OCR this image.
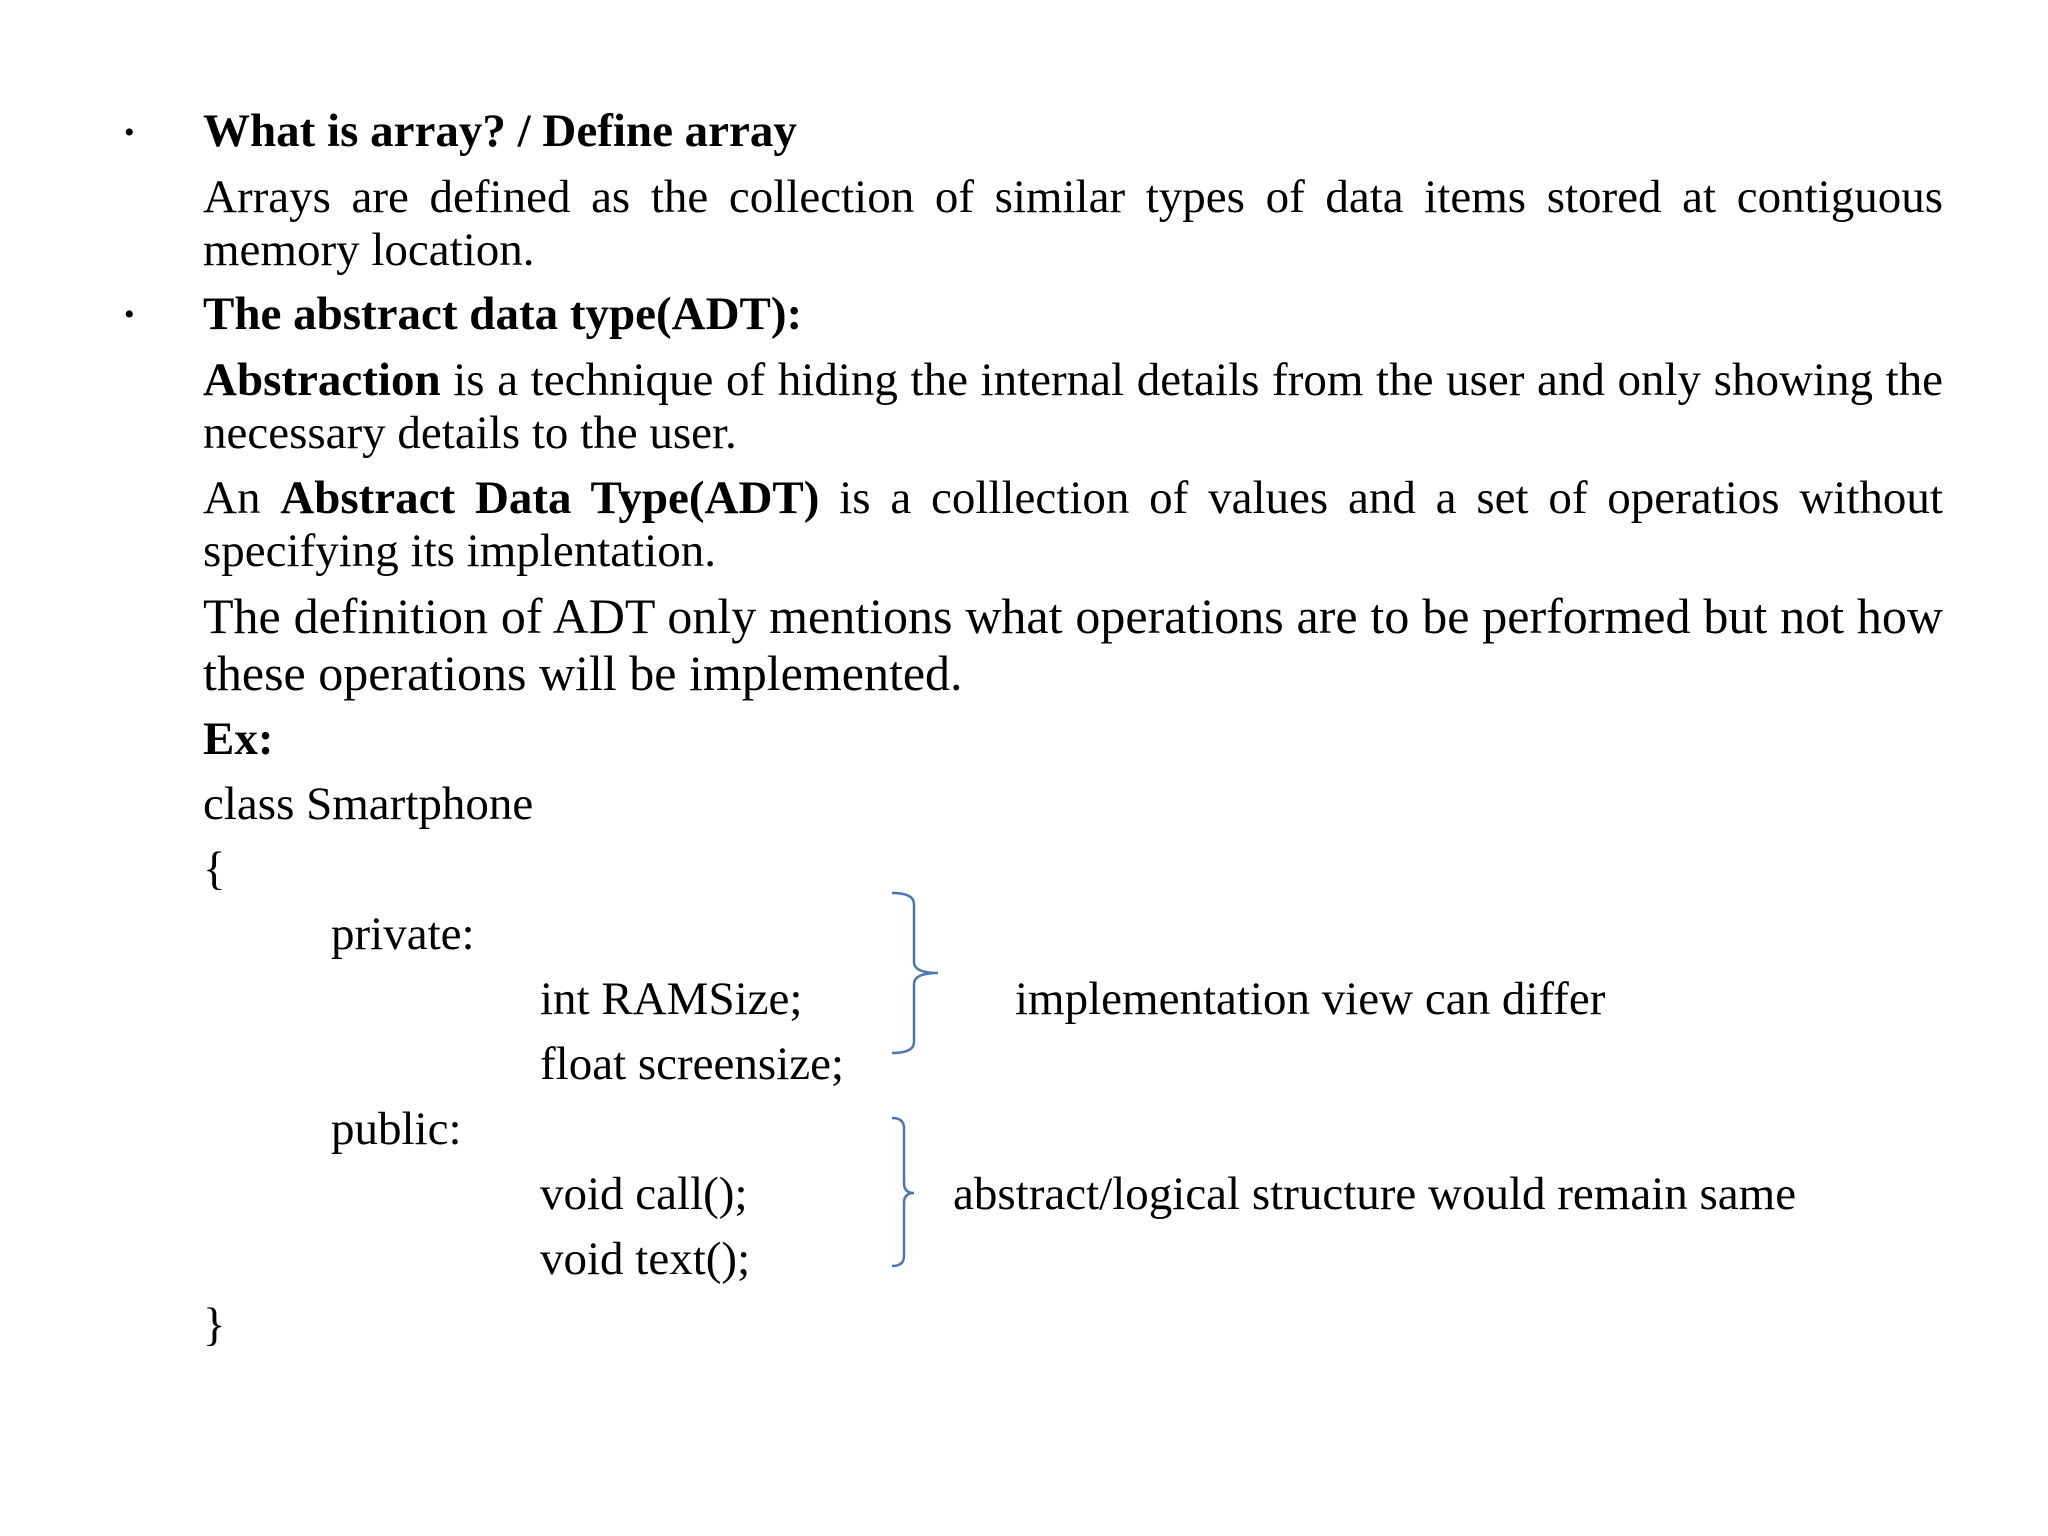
• What is array? / Define array
Arrays are defined as the collection of similar types of data items stored at contiguous memory location.
• The abstract data type(ADT):
Abstraction is a technique of hiding the internal details from the user and only showing the necessary details to the user.
An Abstract Data Type(ADT) is a colllection of values and a set of operatios without specifying its implentation.
The definition of ADT only mentions what operations are to be performed but not how these operations will be implemented.
Ex:
class Smartphone
{
private:
int RAMSize;
float screensize;
public:
void call();
void text();
}
implementation view can differ
abstract/logical structure would remain same
